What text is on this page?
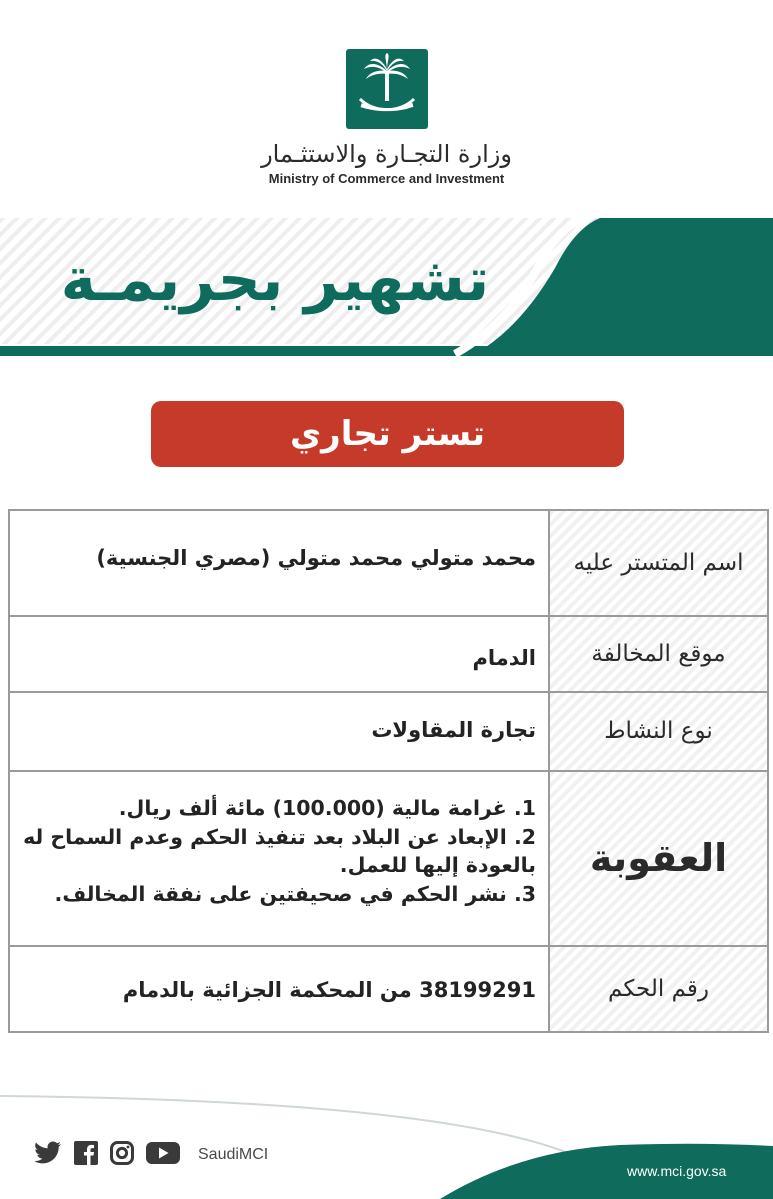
وزارة التجـارة والاستثـمار
Ministry of Commerce and Investment
تشهير بجريمـة
تستر تجاري
اسم المتستر عليه
محمد متولي محمد متولي (مصري الجنسية)
موقع المخالفة
الدمام
نوع النشاط
تجارة المقاولات
العقوبة
1. غرامة مالية (100.000) مائة ألف ريال.
2. الإبعاد عن البلاد بعد تنفيذ الحكم وعدم السماح له بالعودة إليها للعمل.
3. نشر الحكم في صحيفتين على نفقة المخالف.
رقم الحكم
38199291 من المحكمة الجزائية بالدمام
SaudiMCI
www.mci.gov.sa
